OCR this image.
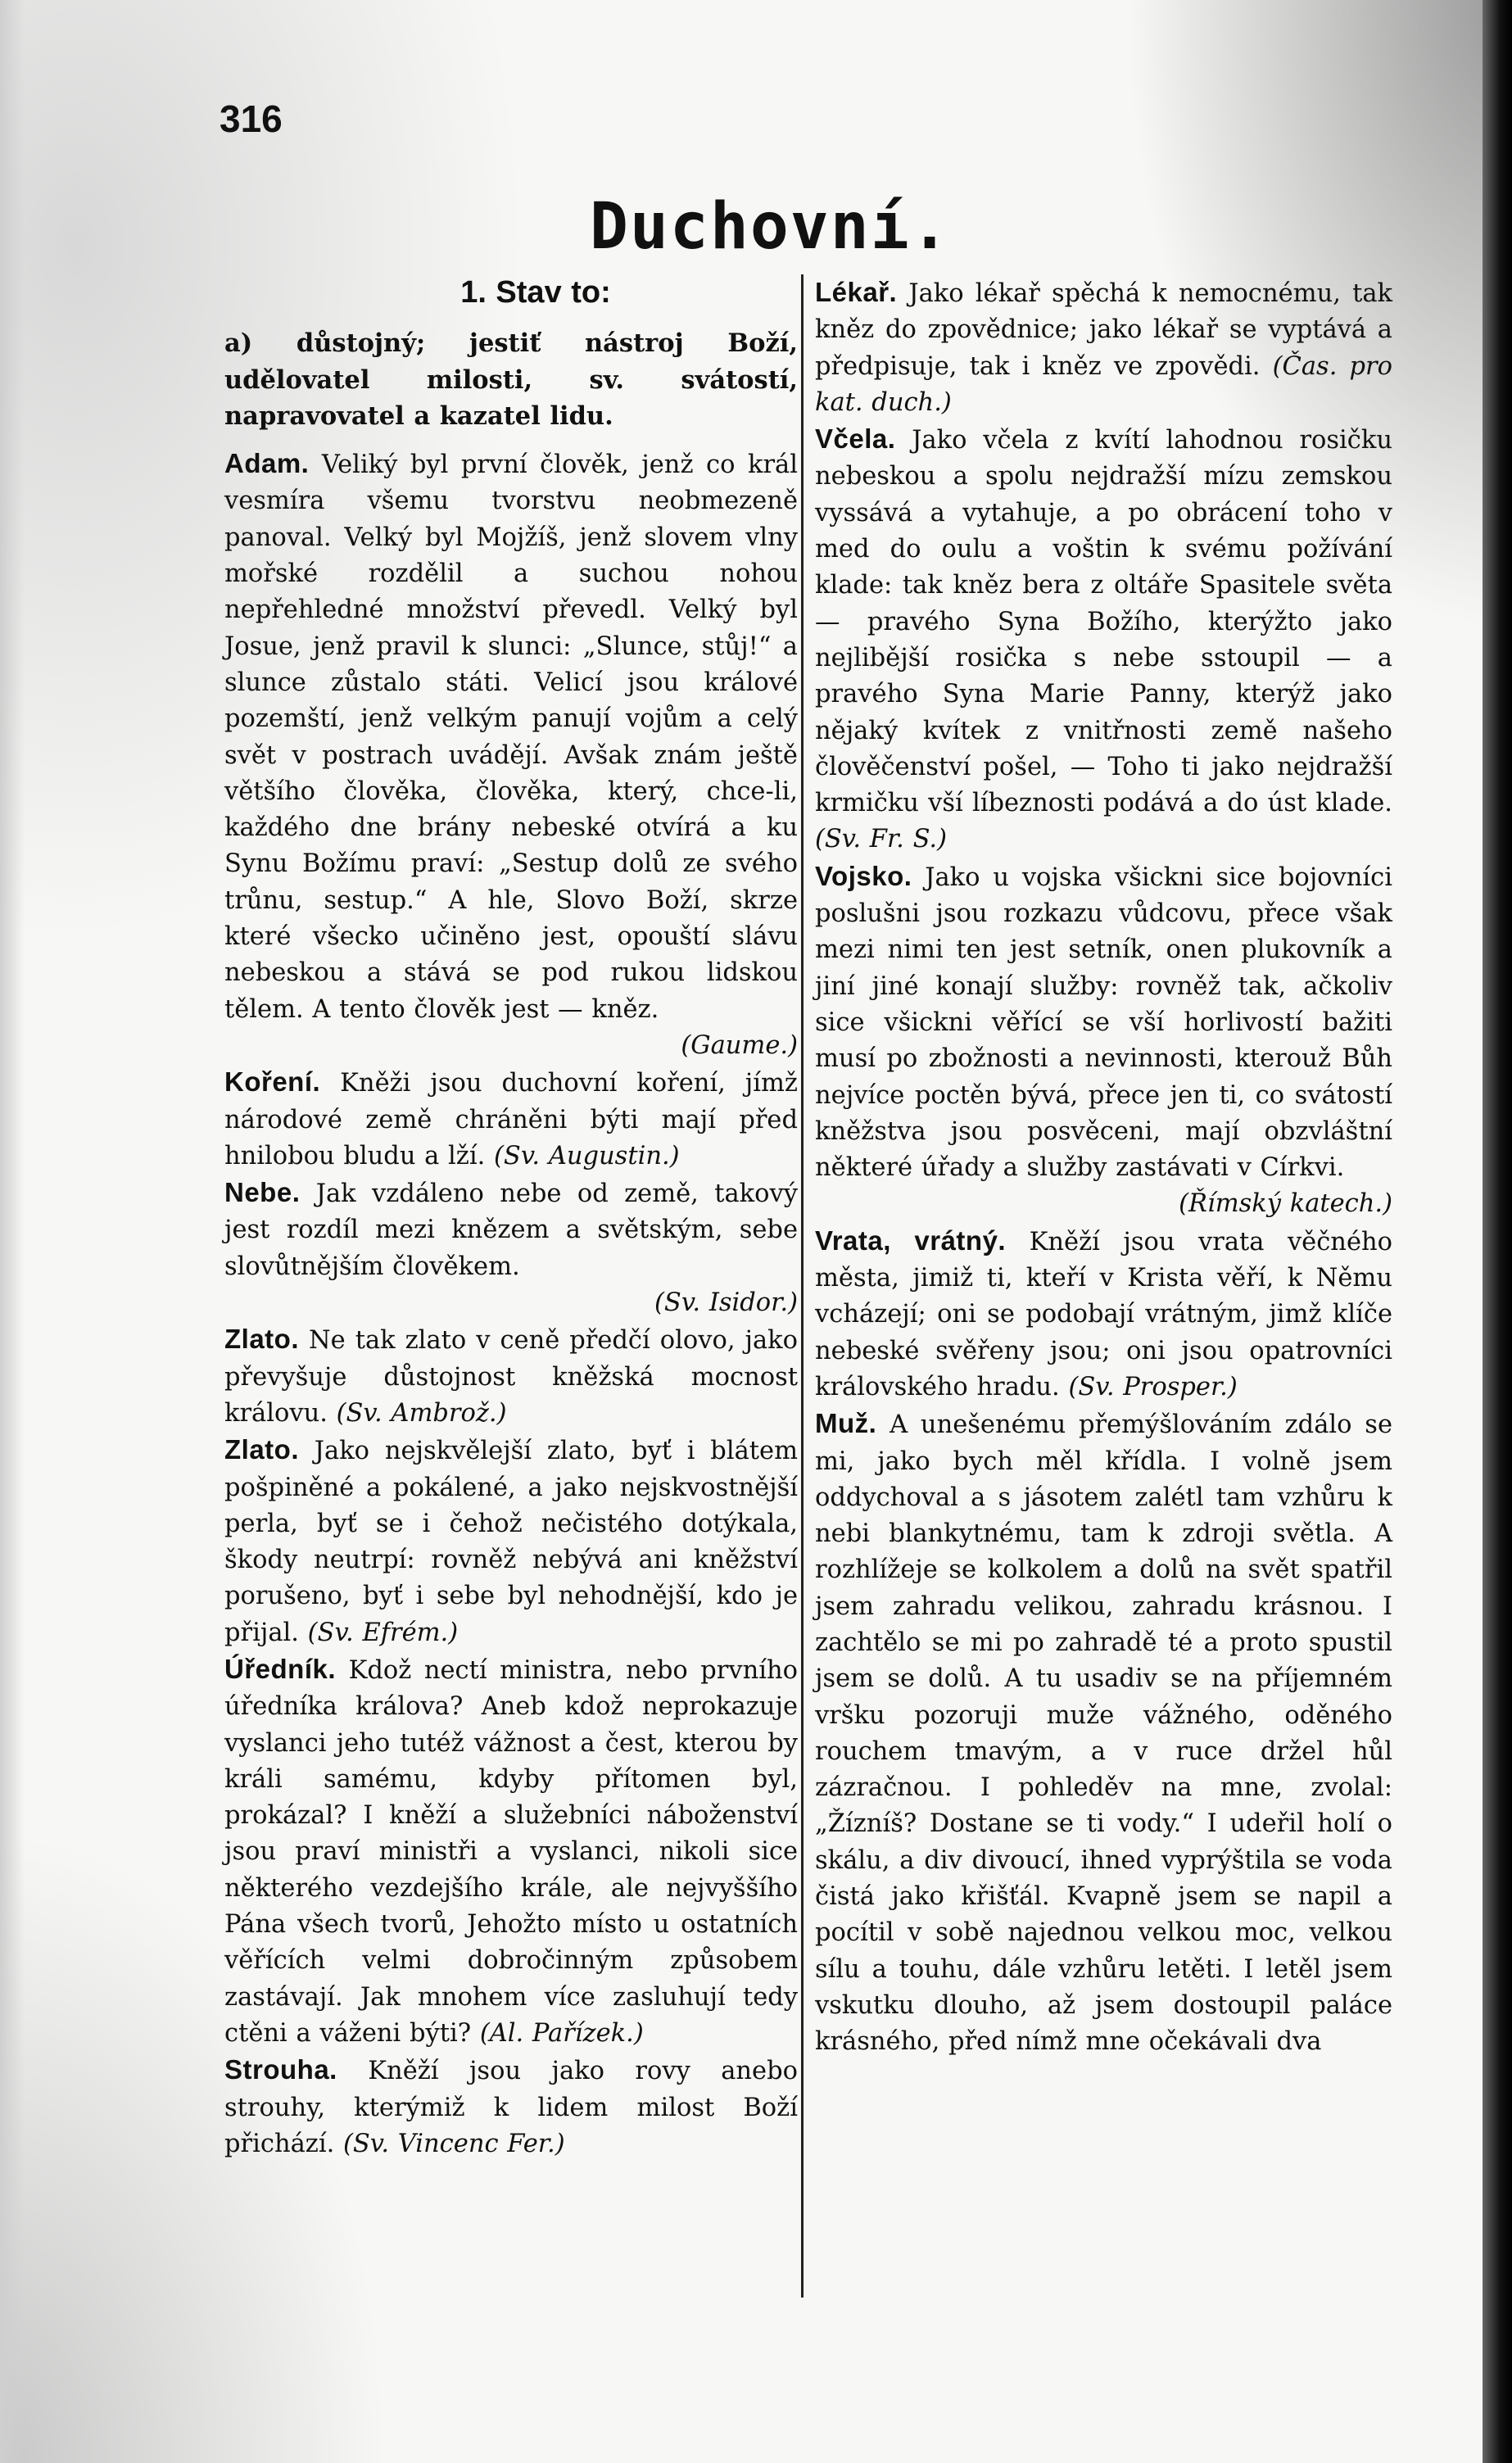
316
Duchovní.

1. Stav to:

a) důstojný; jestiť nástroj Boží, udělovatel milosti, sv. svátostí, napravovatel a kazatel lidu.

Adam. Veliký byl první člověk, jenž co král vesmíra všemu tvorstvu neobmezeně panoval. Velký byl Mojžíš, jenž slovem vlny mořské rozdělil a suchou nohou nepřehledné množství převedl. Velký byl Josue, jenž pravil k slunci: „Slunce, stůj!“ a slunce zůstalo státi. Velicí jsou králové pozemští, jenž velkým panují vojům a celý svět v postrach uvádějí. Avšak znám ještě většího člověka, člověka, který, chce-li, každého dne brány nebeské otvírá a ku Synu Božímu praví: „Sestup dolů ze svého trůnu, sestup.“ A hle, Slovo Boží, skrze které všecko učiněno jest, opouští slávu nebeskou a stává se pod rukou lidskou tělem. A tento člověk jest — kněz.
(Gaume.)

Koření. Kněži jsou duchovní koření, jímž národové země chráněni býti mají před hnilobou bludu a lží. (Sv. Augustin.)

Nebe. Jak vzdáleno nebe od země, takový jest rozdíl mezi knězem a světským, sebe slovůtnějším člověkem.
(Sv. Isidor.)

Zlato. Ne tak zlato v ceně předčí olovo, jako převyšuje důstojnost kněžská mocnost královu. (Sv. Ambrož.)

Zlato. Jako nejskvělejší zlato, byť i blátem pošpiněné a pokálené, a jako nejskvostnější perla, byť se i čehož nečistého dotýkala, škody neutrpí: rovněž nebývá ani kněžství porušeno, byť i sebe byl nehodnější, kdo je přijal. (Sv. Efrém.)

Úředník. Kdož nectí ministra, nebo prvního úředníka králova? Aneb kdož neprokazuje vyslanci jeho tutéž vážnost a čest, kterou by králi samému, kdyby přítomen byl, prokázal? I kněží a služebníci náboženství jsou praví ministři a vyslanci, nikoli sice některého vezdejšího krále, ale nejvyššího Pána všech tvorů, Jehožto místo u ostatních věřících velmi dobročinným způsobem zastávají. Jak mnohem více zasluhují tedy ctěni a váženi býti? (Al. Pařízek.)

Strouha. Kněží jsou jako rovy anebo strouhy, kterýmiž k lidem milost Boží přichází. (Sv. Vincenc Fer.)

Lékař. Jako lékař spěchá k nemocnému, tak kněz do zpovědnice; jako lékař se vyptává a předpisuje, tak i kněz ve zpovědi. (Čas. pro kat. duch.)

Včela. Jako včela z kvítí lahodnou rosičku nebeskou a spolu nejdražší mízu zemskou vyssává a vytahuje, a po obrácení toho v med do oulu a voštin k svému požívání klade: tak kněz bera z oltáře Spasitele světa — pravého Syna Božího, kterýžto jako nejlibější rosička s nebe sstoupil — a pravého Syna Marie Panny, kterýž jako nějaký kvítek z vnitřnosti země našeho člověčenství pošel, — Toho ti jako nejdražší krmičku vší líbeznosti podává a do úst klade. (Sv. Fr. S.)

Vojsko. Jako u vojska všickni sice bojovníci poslušni jsou rozkazu vůdcovu, přece však mezi nimi ten jest setník, onen plukovník a jiní jiné konají služby: rovněž tak, ačkoliv sice všickni věřící se vší horlivostí bažiti musí po zbožnosti a nevinnosti, kterouž Bůh nejvíce poctěn bývá, přece jen ti, co svátostí kněžstva jsou posvěceni, mají obzvláštní některé úřady a služby zastávati v Církvi.
(Římský katech.)

Vrata, vrátný. Kněží jsou vrata věčného města, jimiž ti, kteří v Krista věří, k Němu vcházejí; oni se podobají vrátným, jimž klíče nebeské svěřeny jsou; oni jsou opatrovníci královského hradu. (Sv. Prosper.)

Muž. A unešenému přemýšlováním zdálo se mi, jako bych měl křídla. I volně jsem oddychoval a s jásotem zalétl tam vzhůru k nebi blankytnému, tam k zdroji světla. A rozhlížeje se kolkolem a dolů na svět spatřil jsem zahradu velikou, zahradu krásnou. I zachtělo se mi po zahradě té a proto spustil jsem se dolů. A tu usadiv se na příjemném vršku pozoruji muže vážného, oděného rouchem tmavým, a v ruce držel hůl zázračnou. I pohleděv na mne, zvolal: „Žízníš? Dostane se ti vody.“ I udeřil holí o skálu, a div divoucí, ihned vyprýštila se voda čistá jako křišťál. Kvapně jsem se napil a pocítil v sobě najednou velkou moc, velkou sílu a touhu, dále vzhůru letěti. I letěl jsem vskutku dlouho, až jsem dostoupil paláce krásného, před nímž mne očekávali dva
